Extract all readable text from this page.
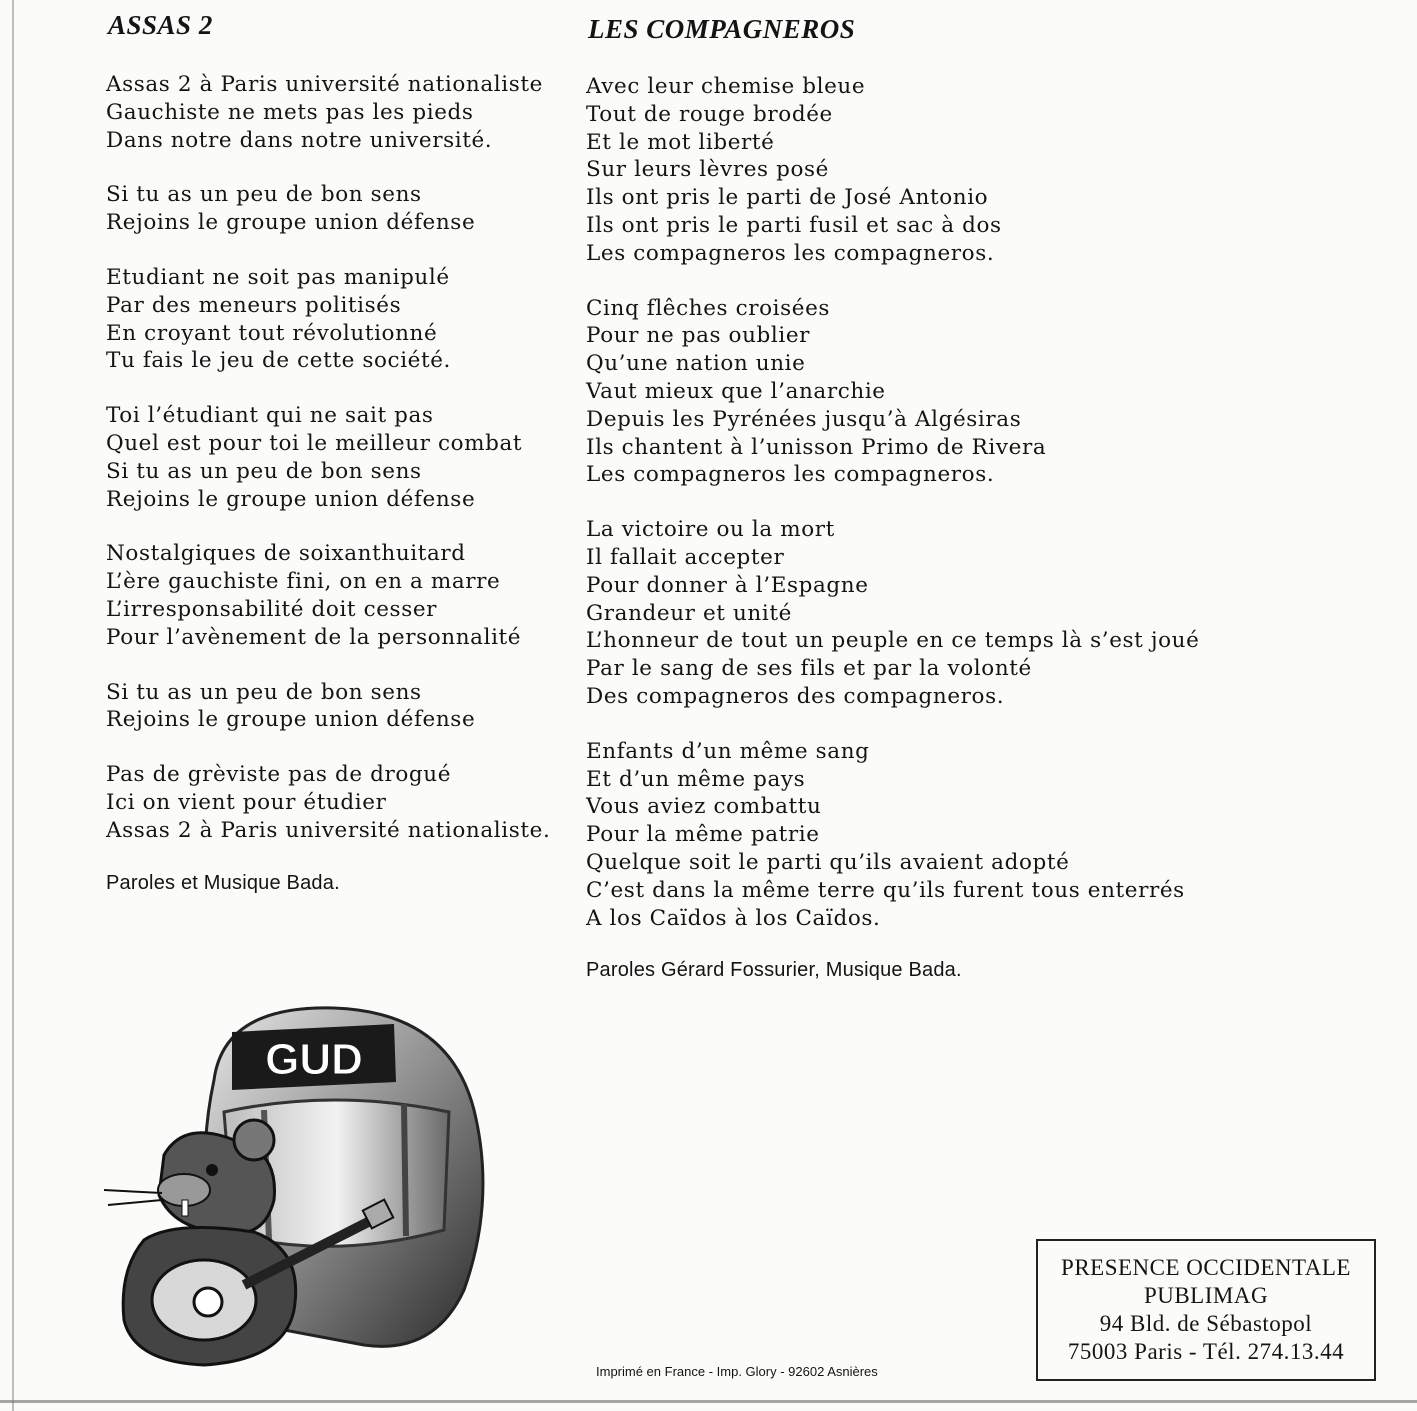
ASSAS 2
Assas 2 à Paris université nationaliste
Gauchiste ne mets pas les pieds
Dans notre dans notre université.
Si tu as un peu de bon sens
Rejoins le groupe union défense
Etudiant ne soit pas manipulé
Par des meneurs politisés
En croyant tout révolutionné
Tu fais le jeu de cette société.
Toi l’étudiant qui ne sait pas
Quel est pour toi le meilleur combat
Si tu as un peu de bon sens
Rejoins le groupe union défense
Nostalgiques de soixanthuitard
L’ère gauchiste fini, on en a marre
L’irresponsabilité doit cesser
Pour l’avènement de la personnalité
Si tu as un peu de bon sens
Rejoins le groupe union défense
Pas de grèviste pas de drogué
Ici on vient pour étudier
Assas 2 à Paris université nationaliste.
Paroles et Musique Bada.
LES COMPAGNEROS
Avec leur chemise bleue
Tout de rouge brodée
Et le mot liberté
Sur leurs lèvres posé
Ils ont pris le parti de José Antonio
Ils ont pris le parti fusil et sac à dos
Les compagneros les compagneros.
Cinq flêches croisées
Pour ne pas oublier
Qu’une nation unie
Vaut mieux que l’anarchie
Depuis les Pyrénées jusqu’à Algésiras
Ils chantent à l’unisson Primo de Rivera
Les compagneros les compagneros.
La victoire ou la mort
Il fallait accepter
Pour donner à l’Espagne
Grandeur et unité
L’honneur de tout un peuple en ce temps là s’est joué
Par le sang de ses fils et par la volonté
Des compagneros des compagneros.
Enfants d’un même sang
Et d’un même pays
Vous aviez combattu
Pour la même patrie
Quelque soit le parti qu’ils avaient adopté
C’est dans la même terre qu’ils furent tous enterrés
A los Caïdos à los Caïdos.
Paroles Gérard Fossurier, Musique Bada.
GUD
Imprimé en France - Imp. Glory - 92602 Asnières
PRESENCE OCCIDENTALE
PUBLIMAG
94 Bld. de Sébastopol
75003 Paris - Tél. 274.13.44
